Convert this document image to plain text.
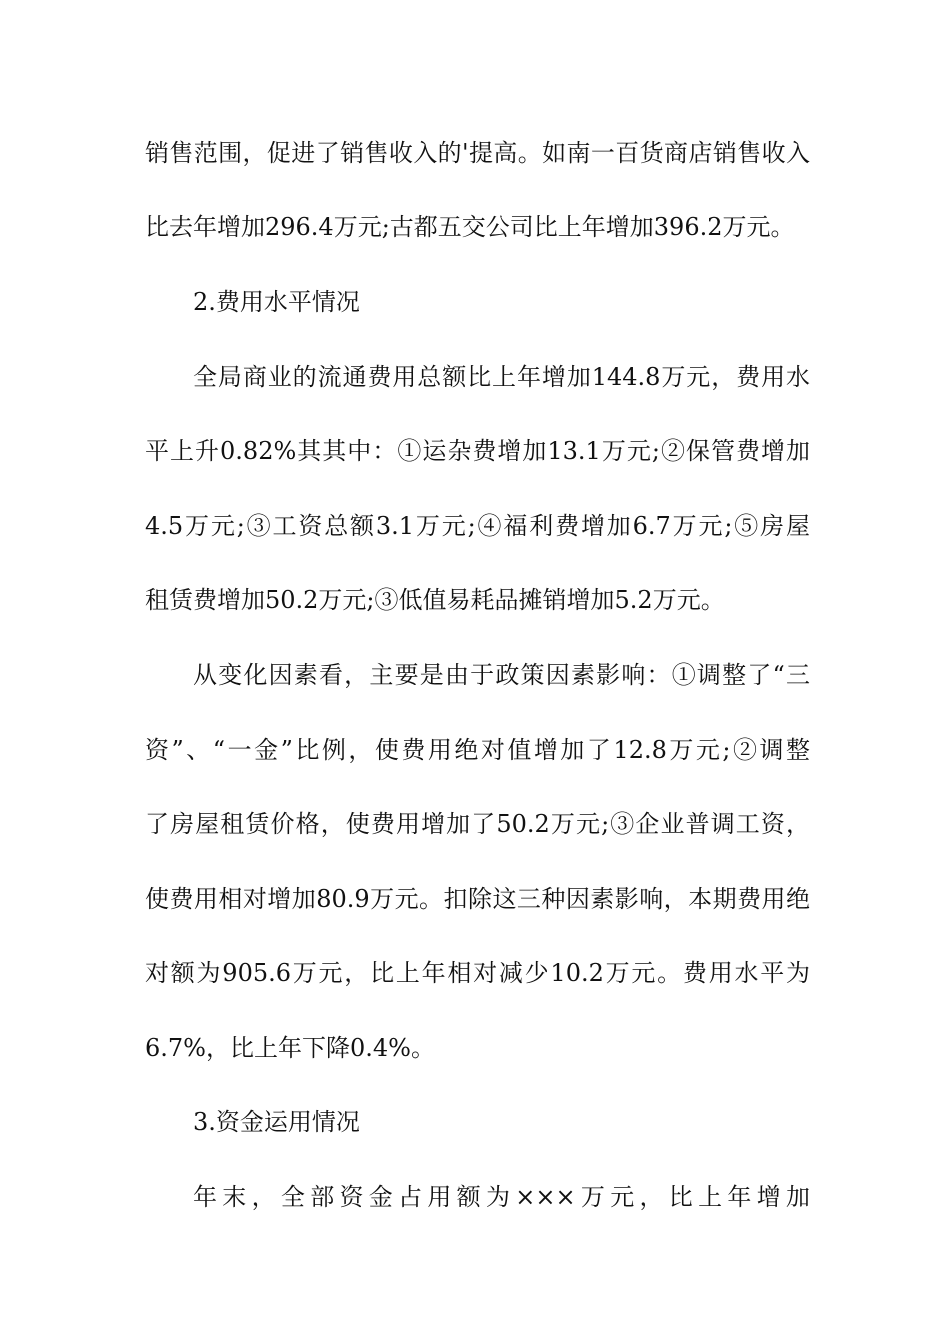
销售范围，促进了销售收入的'提高。如南一百货商店销售收入
比去年增加296.4万元;古都五交公司比上年增加396.2万元。
2.费用水平情况
全局商业的流通费用总额比上年增加144.8万元，费用水
平上升0.82%其其中：①运杂费增加13.1万元;②保管费增加
4.5万元;③工资总额3.1万元;④福利费增加6.7万元;⑤房屋
租赁费增加50.2万元;③低值易耗品摊销增加5.2万元。
从变化因素看，主要是由于政策因素影响：①调整了“三
资”、“一金”比例，使费用绝对值增加了12.8万元;②调整
了房屋租赁价格，使费用增加了50.2万元;③企业普调工资，
使费用相对增加80.9万元。扣除这三种因素影响，本期费用绝
对额为905.6万元，比上年相对减少10.2万元。费用水平为
6.7%，比上年下降0.4%。
3.资金运用情况
年末，全部资金占用额为×××万元，比上年增加
